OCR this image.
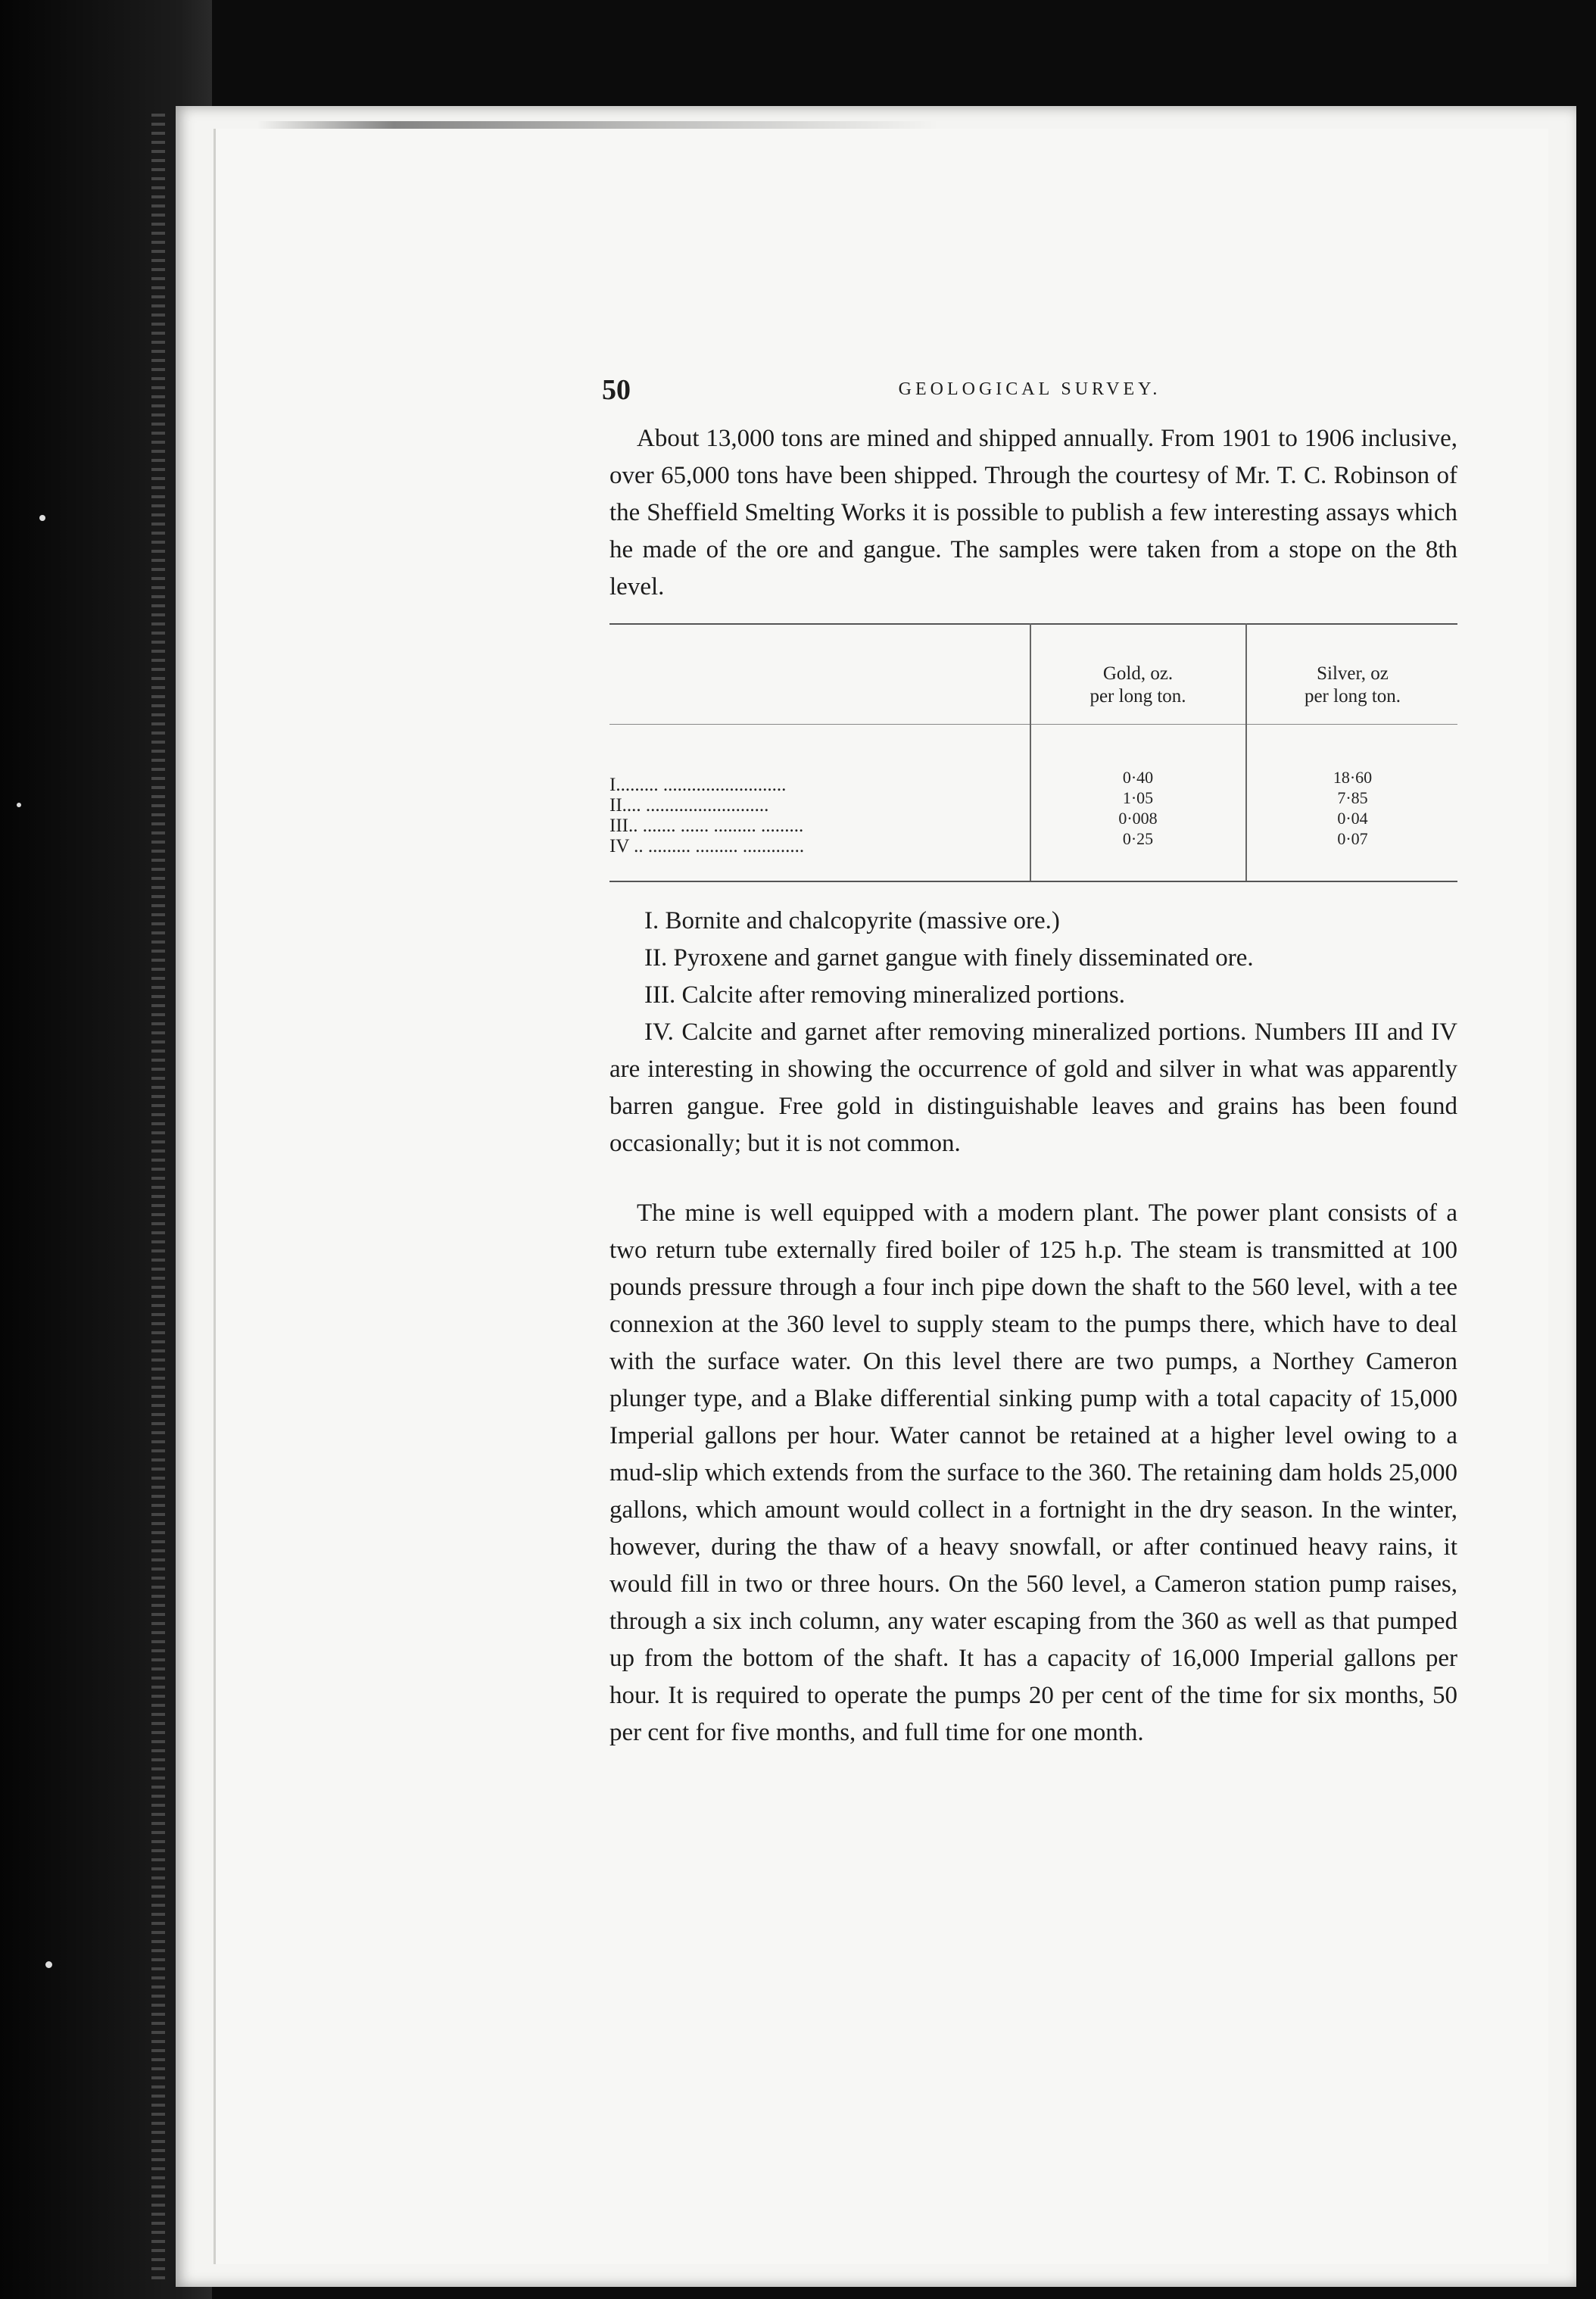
50	GEOLOGICAL SURVEY.
About 13,000 tons are mined and shipped annually. From 1901 to 1906 inclusive, over 65,000 tons have been shipped. Through the courtesy of Mr. T. C. Robinson of the Sheffield Smelting Works it is possible to publish a few interesting assays which he made of the ore and gangue. The samples were taken from a stope on the 8th level.
Gold, oz.
per long ton.
Silver, oz
per long ton.
I......... ..........................
II.... ..........................
III.. ....... ...... ......... .........
IV .. ......... ......... .............
0·40
1·05
0·008
0·25
18·60
7·85
0·04
0·07

I. Bornite and chalcopyrite (massive ore.)

II. Pyroxene and garnet gangue with finely disseminated ore.

III. Calcite after removing mineralized portions.

IV. Calcite and garnet after removing mineralized portions. Numbers III and IV are interesting in showing the occurrence of gold and silver in what was apparently barren gangue. Free gold in distinguishable leaves and grains has been found occasionally; but it is not common.

The mine is well equipped with a modern plant. The power plant consists of a two return tube externally fired boiler of 125 h.p. The steam is transmitted at 100 pounds pressure through a four inch pipe down the shaft to the 560 level, with a tee connexion at the 360 level to supply steam to the pumps there, which have to deal with the surface water. On this level there are two pumps, a Northey Cameron plunger type, and a Blake differential sinking pump with a total capacity of 15,000 Imperial gallons per hour. Water cannot be retained at a higher level owing to a mud-slip which extends from the surface to the 360. The retaining dam holds 25,000 gallons, which amount would collect in a fortnight in the dry season. In the winter, however, during the thaw of a heavy snowfall, or after continued heavy rains, it would fill in two or three hours. On the 560 level, a Cameron station pump raises, through a six inch column, any water escaping from the 360 as well as that pumped up from the bottom of the shaft. It has a capacity of 16,000 Imperial gallons per hour. It is required to operate the pumps 20 per cent of the time for six months, 50 per cent for five months, and full time for one month.
